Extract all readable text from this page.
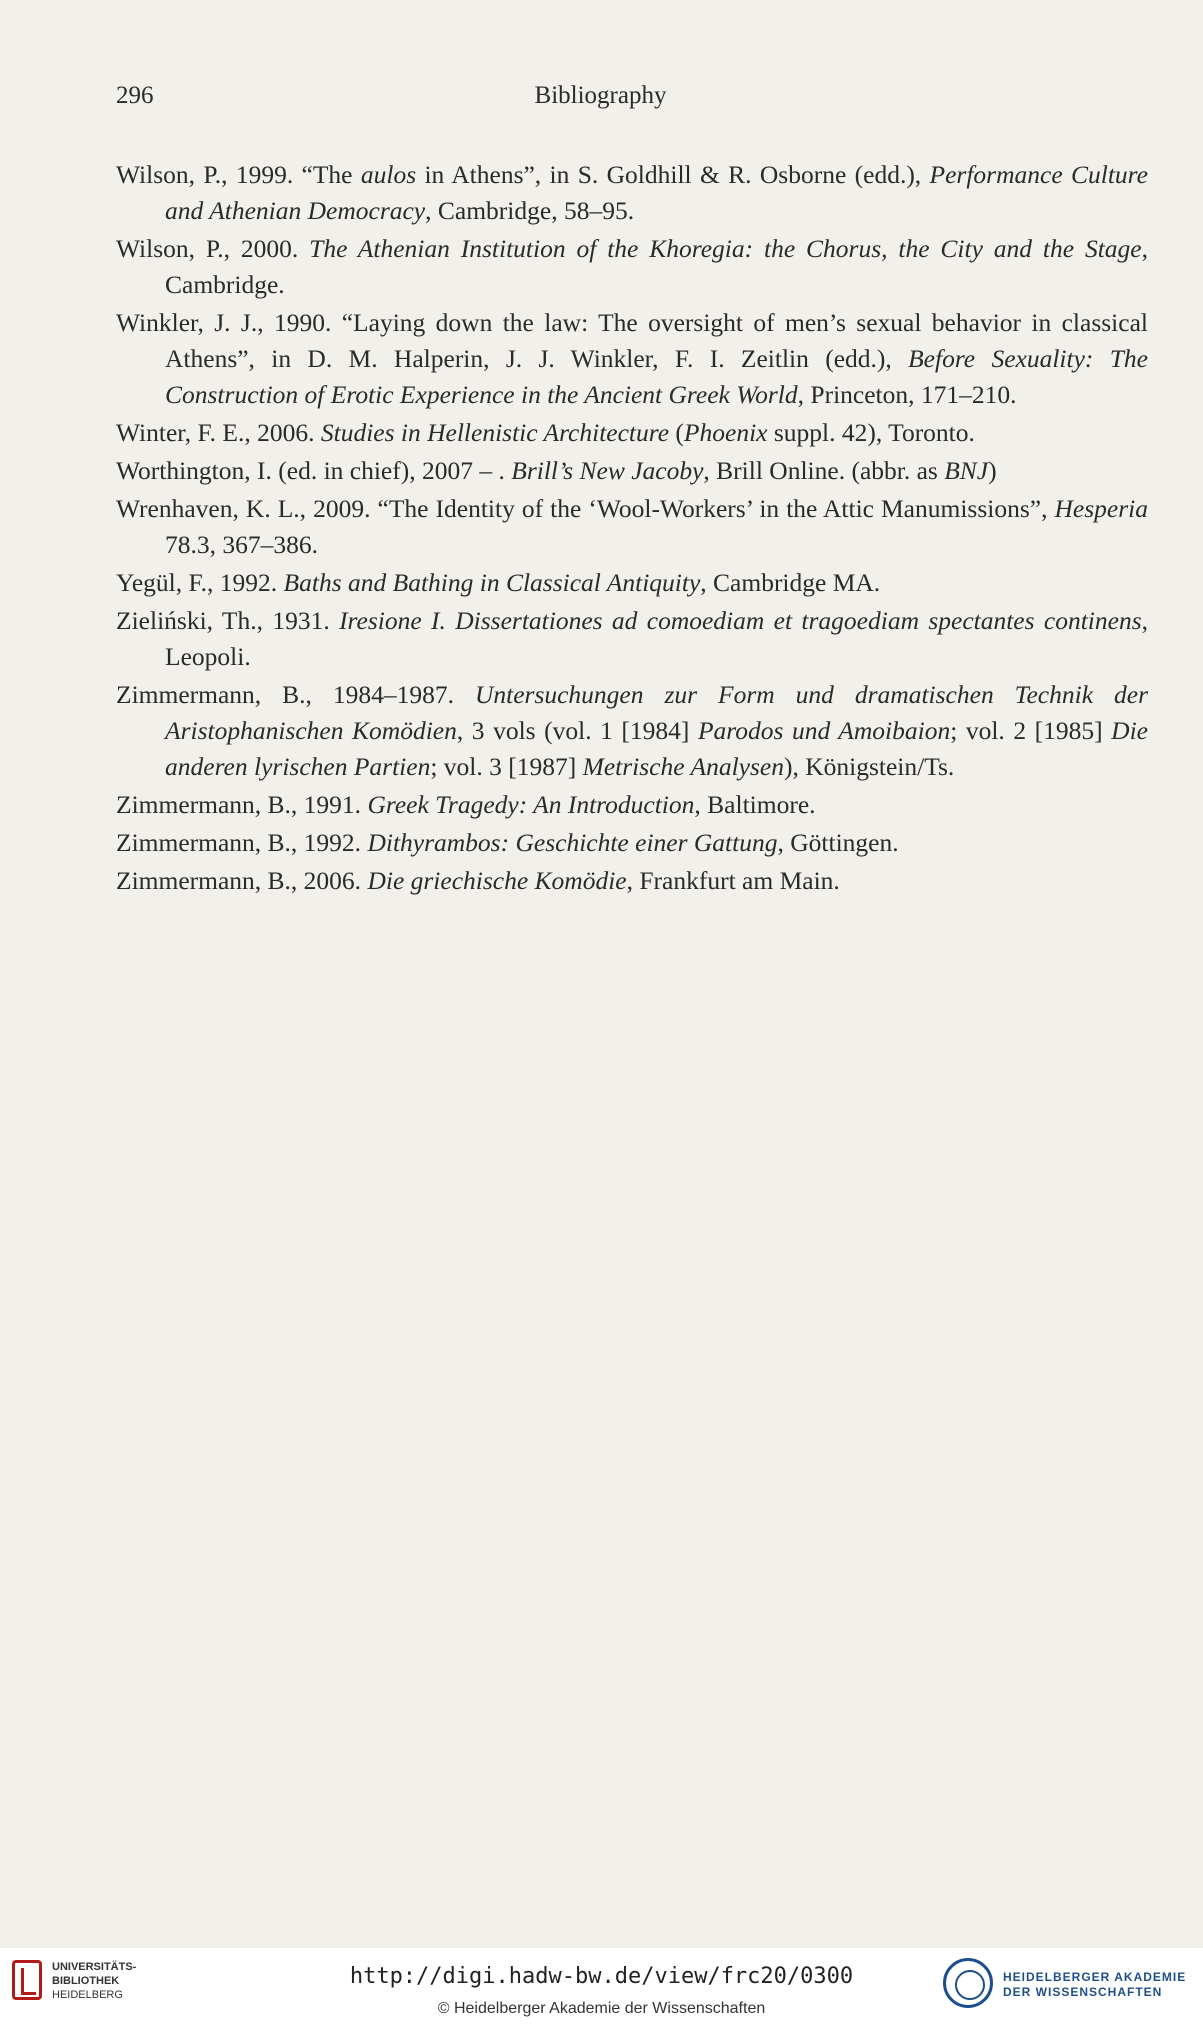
296	Bibliography

Wilson, P., 1999. “The aulos in Athens”, in S. Goldhill & R. Osborne (edd.), Performance Culture and Athenian Democracy, Cambridge, 58–95.

Wilson, P., 2000. The Athenian Institution of the Khoregia: the Chorus, the City and the Stage, Cambridge.

Winkler, J. J., 1990. “Laying down the law: The oversight of men’s sexual behavior in classical Athens”, in D. M. Halperin, J. J. Winkler, F. I. Zeitlin (edd.), Before Sexuality: The Construction of Erotic Experience in the Ancient Greek World, Princeton, 171–210.

Winter, F. E., 2006. Studies in Hellenistic Architecture (Phoenix suppl. 42), Toronto.

Worthington, I. (ed. in chief), 2007 – . Brill’s New Jacoby, Brill Online. (abbr. as BNJ)

Wrenhaven, K. L., 2009. “The Identity of the ‘Wool-Workers’ in the Attic Manumissions”, Hesperia 78.3, 367–386.

Yegül, F., 1992. Baths and Bathing in Classical Antiquity, Cambridge MA.

Zieliński, Th., 1931. Iresione I. Dissertationes ad comoediam et tragoediam spectantes continens, Leopoli.

Zimmermann, B., 1984–1987. Untersuchungen zur Form und dramatischen Technik der Aristophanischen Komödien, 3 vols (vol. 1 [1984] Parodos und Amoibaion; vol. 2 [1985] Die anderen lyrischen Partien; vol. 3 [1987] Metrische Analysen), Königstein/Ts.

Zimmermann, B., 1991. Greek Tragedy: An Introduction, Baltimore.

Zimmermann, B., 1992. Dithyrambos: Geschichte einer Gattung, Göttingen.

Zimmermann, B., 2006. Die griechische Komödie, Frankfurt am Main.

UNIVERSITÄTS-
BIBLIOTHEK
HEIDELBERG
http://digi.hadw-bw.de/view/frc20/0300
© Heidelberger Akademie der Wissenschaften
HEIDELBERGER AKADEMIE
DER WISSENSCHAFTEN
